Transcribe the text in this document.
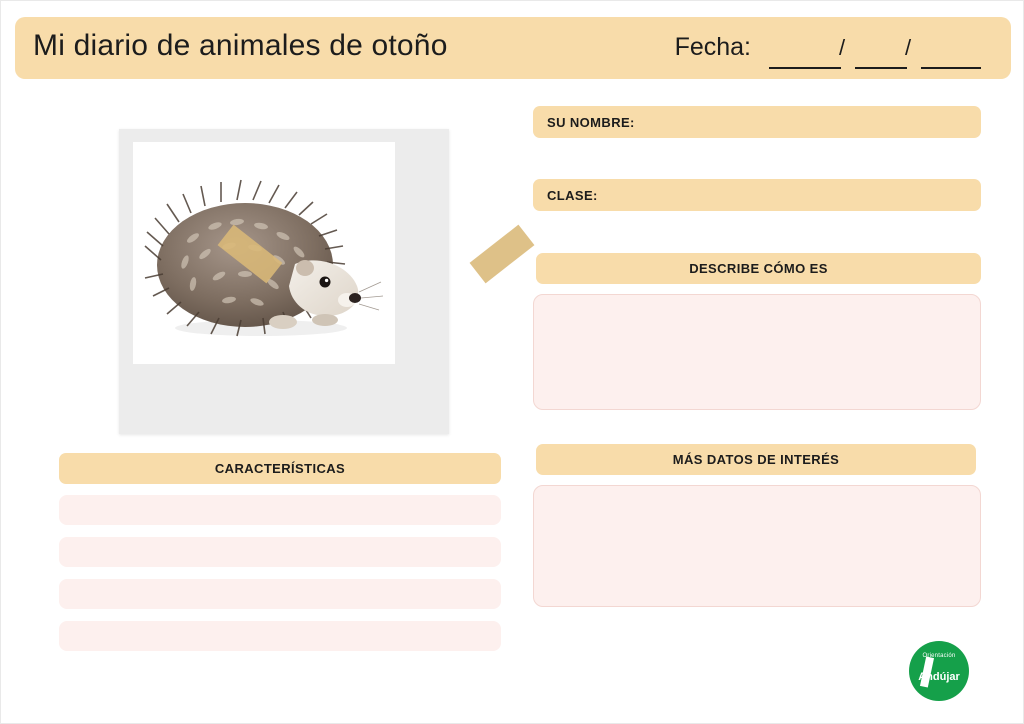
Mi diario de animales de otoño	Fecha:	/	/
SU NOMBRE:
CLASE:
DESCRIBE CÓMO ES
MÁS DATOS DE INTERÉS
CARACTERÍSTICAS
Orientación
Andújar
